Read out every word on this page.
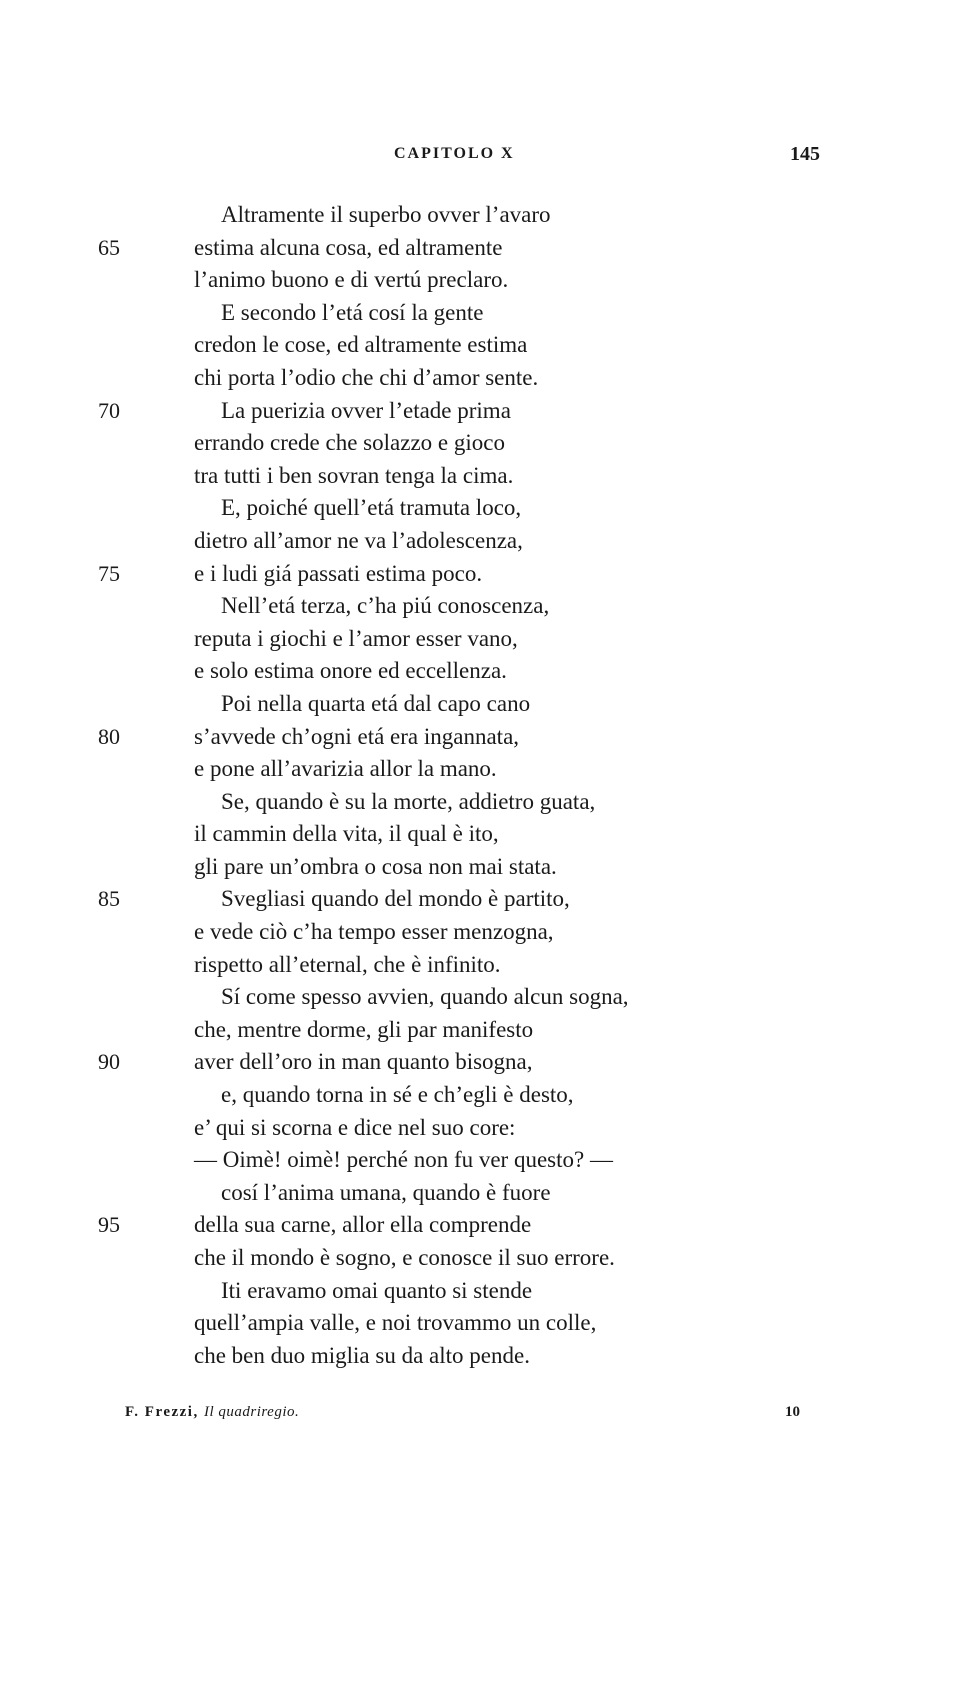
CAPITOLO X	145
Altramente il superbo ovver l’avaro
65	estima alcuna cosa, ed altramente
l’animo buono e di vertú preclaro.
E secondo l’etá cosí la gente
credon le cose, ed altramente estima
chi porta l’odio che chi d’amor sente.
70	La puerizia ovver l’etade prima
errando crede che solazzo e gioco
tra tutti i ben sovran tenga la cima.
E, poiché quell’etá tramuta loco,
dietro all’amor ne va l’adolescenza,
75	e i ludi giá passati estima poco.
Nell’etá terza, c’ha piú conoscenza,
reputa i giochi e l’amor esser vano,
e solo estima onore ed eccellenza.
Poi nella quarta etá dal capo cano
80	s’avvede ch’ogni etá era ingannata,
e pone all’avarizia allor la mano.
Se, quando è su la morte, addietro guata,
il cammin della vita, il qual è ito,
gli pare un’ombra o cosa non mai stata.
85	Svegliasi quando del mondo è partito,
e vede ciò c’ha tempo esser menzogna,
rispetto all’eternal, che è infinito.
Sí come spesso avvien, quando alcun sogna,
che, mentre dorme, gli par manifesto
90	aver dell’oro in man quanto bisogna,
e, quando torna in sé e ch’egli è desto,
e’ qui si scorna e dice nel suo core:
— Oimè! oimè! perché non fu ver questo? —
cosí l’anima umana, quando è fuore
95	della sua carne, allor ella comprende
che il mondo è sogno, e conosce il suo errore.
Iti eravamo omai quanto si stende
quell’ampia valle, e noi trovammo un colle,
che ben duo miglia su da alto pende.
F. Frezzi, Il quadriregio.	10
